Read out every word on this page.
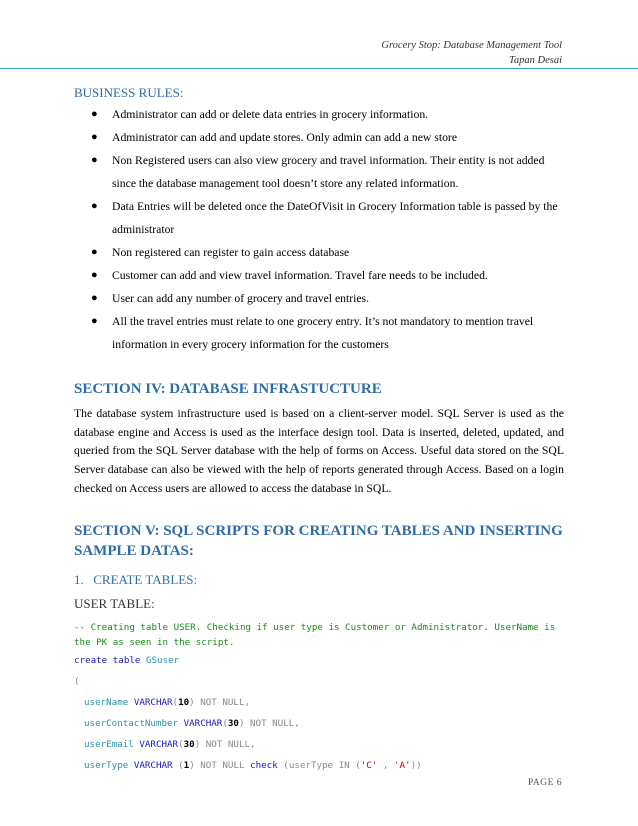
Grocery Stop: Database Management Tool
Tapan Desai

BUSINESS RULES:

● Administrator can add or delete data entries in grocery information.
● Administrator can add and update stores. Only admin can add a new store
● Non Registered users can also view grocery and travel information. Their entity is not added since the database management tool doesn’t store any related information.
● Data Entries will be deleted once the DateOfVisit in Grocery Information table is passed by the administrator
● Non registered can register to gain access database
● Customer can add and view travel information. Travel fare needs to be included.
● User can add any number of grocery and travel entries.
● All the travel entries must relate to one grocery entry. It’s not mandatory to mention travel information in every grocery information for the customers
SECTION IV: DATABASE INFRASTUCTURE

The database system infrastructure used is based on a client-server model. SQL Server is used as the database engine and Access is used as the interface design tool. Data is inserted, deleted, updated, and queried from the SQL Server database with the help of forms on Access. Useful data stored on the SQL Server database can also be viewed with the help of reports generated through Access. Based on a login checked on Access users are allowed to access the database in SQL.

SECTION V: SQL SCRIPTS FOR CREATING TABLES AND INSERTING SAMPLE DATAS:

1. CREATE TABLES:

USER TABLE:

-- Creating table USER. Checking if user type is Customer or Administrator. UserName is the PK as seen in the script.
create table GSuser
(
userName VARCHAR(10) NOT NULL,
userContactNumber VARCHAR(30) NOT NULL,
userEmail VARCHAR(30) NOT NULL,
userType VARCHAR (1) NOT NULL check (userType IN ('C' , 'A'))
PAGE 6
